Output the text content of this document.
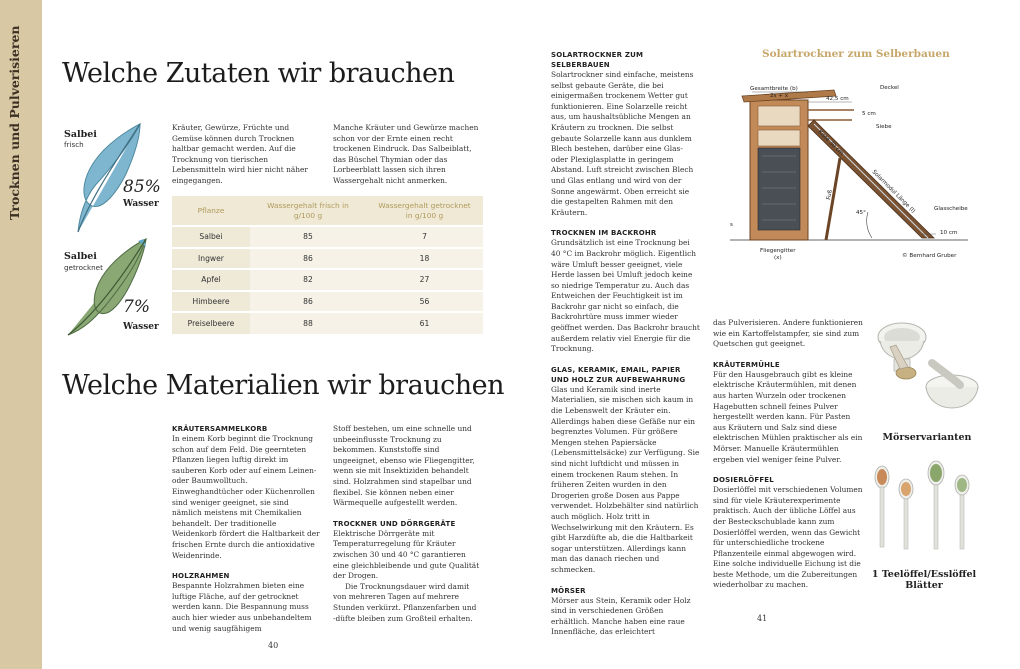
Trocknen und Pulverisieren Welche Zutaten wir brauchen
Salbei
frisch
85%
Wasser
Salbei
getrocknet
7%
Wasser

Kräuter, Gewürze, Früchte und Gemüse können durch Trocknen haltbar gemacht werden. Auf die Trocknung von tierischen Lebensmitteln wird hier nicht näher eingegangen.

Manche Kräuter und Gewürze machen schon vor der Ernte einen recht trockenen Eindruck. Das Salbeiblatt, das Büschel Thymian oder das Lorbeerblatt lassen sich ihren Wassergehalt nicht anmerken.

Pflanze	Wassergehalt frisch in g/100 g	Wassergehalt getrocknet in g/100 g
Salbei	85	7
Ingwer	86	18
Apfel	82	27
Himbeere	86	56
Preiselbeere	88	61
Welche Materialien wir brauchen
KRÄUTERSAMMELKORB

In einem Korb beginnt die Trocknung schon auf dem Feld. Die geernteten Pflanzen liegen luftig direkt im sauberen Korb oder auf einem Leinen- oder Baumwolltuch. Einweghandtücher oder Küchenrollen sind weniger geeignet, sie sind nämlich meistens mit Chemikalien behandelt. Der traditionelle Weidenkorb fördert die Haltbarkeit der frischen Ernte durch die antioxidative Weidenrinde.

HOLZRAHMEN

Bespannte Holzrahmen bieten eine luftige Fläche, auf der getrocknet werden kann. Die Bespannung muss auch hier wieder aus unbehandeltem und wenig saugfähigem

Stoff bestehen, um eine schnelle und unbeeinflusste Trocknung zu bekommen. Kunststoffe sind ungeeignet, ebenso wie Fliegengitter, wenn sie mit Insektiziden behandelt sind. Holzrahmen sind stapelbar und flexibel. Sie können neben einer Wärmequelle aufgestellt werden.

TROCKNER UND DÖRRGERÄTE

Elektrische Dörrgeräte mit Temperaturregelung für Kräuter zwischen 30 und 40 °C garantieren eine gleichbleibende und gute Qualität der Drogen.

Die Trocknungsdauer wird damit von mehreren Tagen auf mehrere Stunden verkürzt. Pflanzenfarben und -düfte bleiben zum Großteil erhalten.

40
SOLARTROCKNER ZUM SELBERBAUEN

Solartrockner sind einfache, meistens selbst gebaute Geräte, die bei einigermaßen trockenem Wetter gut funktionieren. Eine Solarzelle reicht aus, um haushaltsübliche Mengen an Kräutern zu trocknen. Die selbst gebaute Solarzelle kann aus dunklem Blech bestehen, darüber eine Glas- oder Plexiglasplatte in geringem Abstand. Luft streicht zwischen Blech und Glas entlang und wird von der Sonne angewärmt. Oben erreicht sie die gestapelten Rahmen mit den Kräutern.

TROCKNEN IM BACKROHR

Grundsätzlich ist eine Trocknung bei 40 °C im Backrohr möglich. Eigentlich wäre Umluft besser geeignet, viele Herde lassen bei Umluft jedoch keine so niedrige Temperatur zu. Auch das Entweichen der Feuchtigkeit ist im Backrohr gar nicht so einfach, die Backrohrtüre muss immer wieder geöffnet werden. Das Backrohr braucht außerdem relativ viel Energie für die Trocknung.

GLAS, KERAMIK, EMAIL, PAPIER UND HOLZ ZUR AUFBEWAHRUNG

Glas und Keramik sind inerte Materialien, sie mischen sich kaum in die Lebenswelt der Kräuter ein. Allerdings haben diese Gefäße nur ein begrenztes Volumen. Für größere Mengen stehen Papiersäcke (Lebensmittelsäcke) zur Verfügung. Sie sind nicht luftdicht und müssen in einem trockenen Raum stehen. In früheren Zeiten wurden in den Drogerien große Dosen aus Pappe verwendet. Holzbehälter sind natürlich auch möglich. Holz tritt in Wechselwirkung mit den Kräutern. Es gibt Harzdüfte ab, die die Haltbarkeit sogar unterstützen. Allerdings kann man das danach riechen und schmecken.

MÖRSER

Mörser aus Stein, Keramik oder Holz sind in verschiedenen Größen erhältlich. Manche haben eine raue Innenfläche, das erleichtert

Solartrockner zum Selberbauen
Gesamtbreite (b)
2s + x	42,5 cm
Deckel
5 cm
Siebe
Kiste 30 cm
Fuß	Solarmodul Länge (l)	Glasscheibe
45°
10 cm
s
Fliegengitter
(x)	© Bernhard Gruber

das Pulverisieren. Andere funktionieren wie ein Kartoffelstampfer, sie sind zum Quetschen gut geeignet.

KRÄUTERMÜHLE

Für den Hausgebrauch gibt es kleine elektrische Kräutermühlen, mit denen aus harten Wurzeln oder trockenen Hagebutten schnell feines Pulver hergestellt werden kann. Für Pasten aus Kräutern und Salz sind diese elektrischen Mühlen praktischer als ein Mörser. Manuelle Kräutermühlen ergeben viel weniger feine Pulver.

DOSIERLÖFFEL

Dosierlöffel mit verschiedenen Volumen sind für viele Kräuterexperimente praktisch. Auch der übliche Löffel aus der Besteckschublade kann zum Dosierlöffel werden, wenn das Gewicht für unterschiedliche trockene Pflanzenteile einmal abgewogen wird. Eine solche individuelle Eichung ist die beste Methode, um die Zubereitungen wiederholbar zu machen.

Mörservarianten
1 Teelöffel/Esslöffel
Blätter
41
